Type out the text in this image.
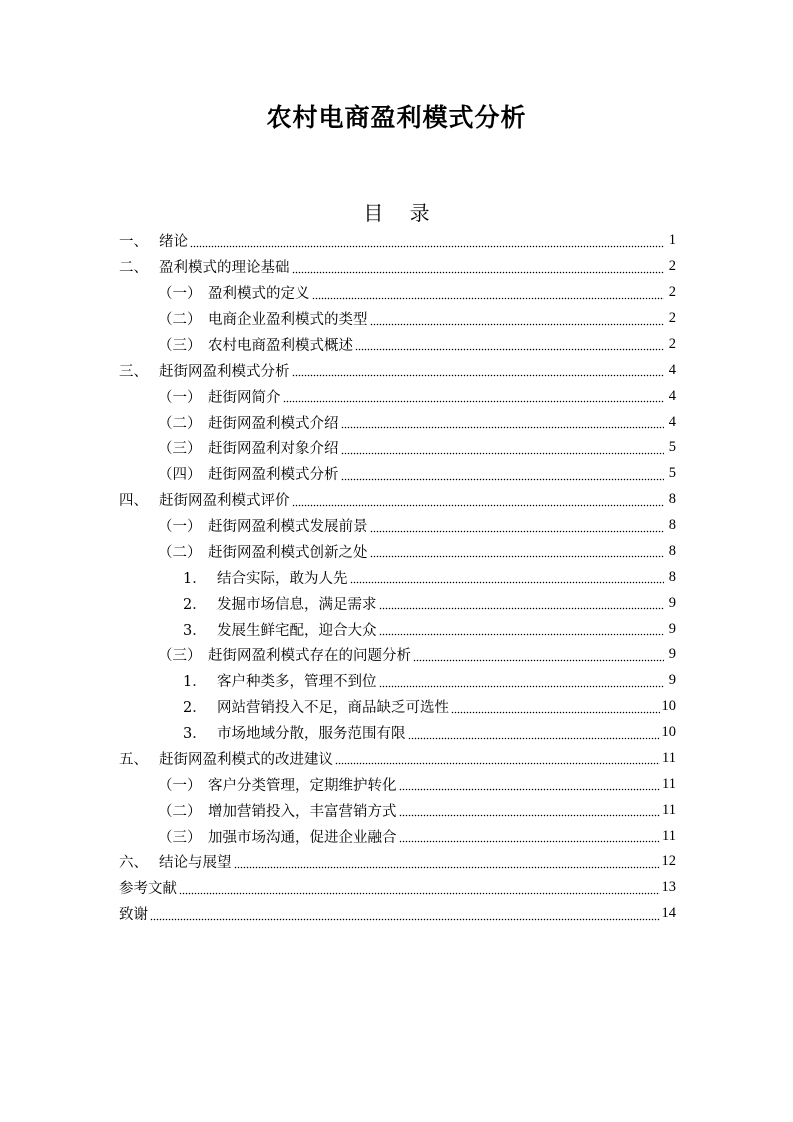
农村电商盈利模式分析
目 录
一、 绪论	1
二、 盈利模式的理论基础	2
（一） 盈利模式的定义	2
（二） 电商企业盈利模式的类型	2
（三） 农村电商盈利模式概述	2
三、 赶街网盈利模式分析	4
（一） 赶街网简介	4
（二） 赶街网盈利模式介绍	4
（三） 赶街网盈利对象介绍	5
（四） 赶街网盈利模式分析	5
四、 赶街网盈利模式评价	8
（一） 赶街网盈利模式发展前景	8
（二） 赶街网盈利模式创新之处	8
1． 结合实际，敢为人先	8
2． 发掘市场信息，满足需求	9
3． 发展生鲜宅配，迎合大众	9
（三） 赶街网盈利模式存在的问题分析	9
1． 客户种类多，管理不到位	9
2． 网站营销投入不足，商品缺乏可选性	10
3． 市场地域分散，服务范围有限	10
五、 赶街网盈利模式的改进建议	11
（一） 客户分类管理，定期维护转化	11
（二） 增加营销投入，丰富营销方式	11
（三） 加强市场沟通，促进企业融合	11
六、 结论与展望	12
参考文献	13
致谢	14
